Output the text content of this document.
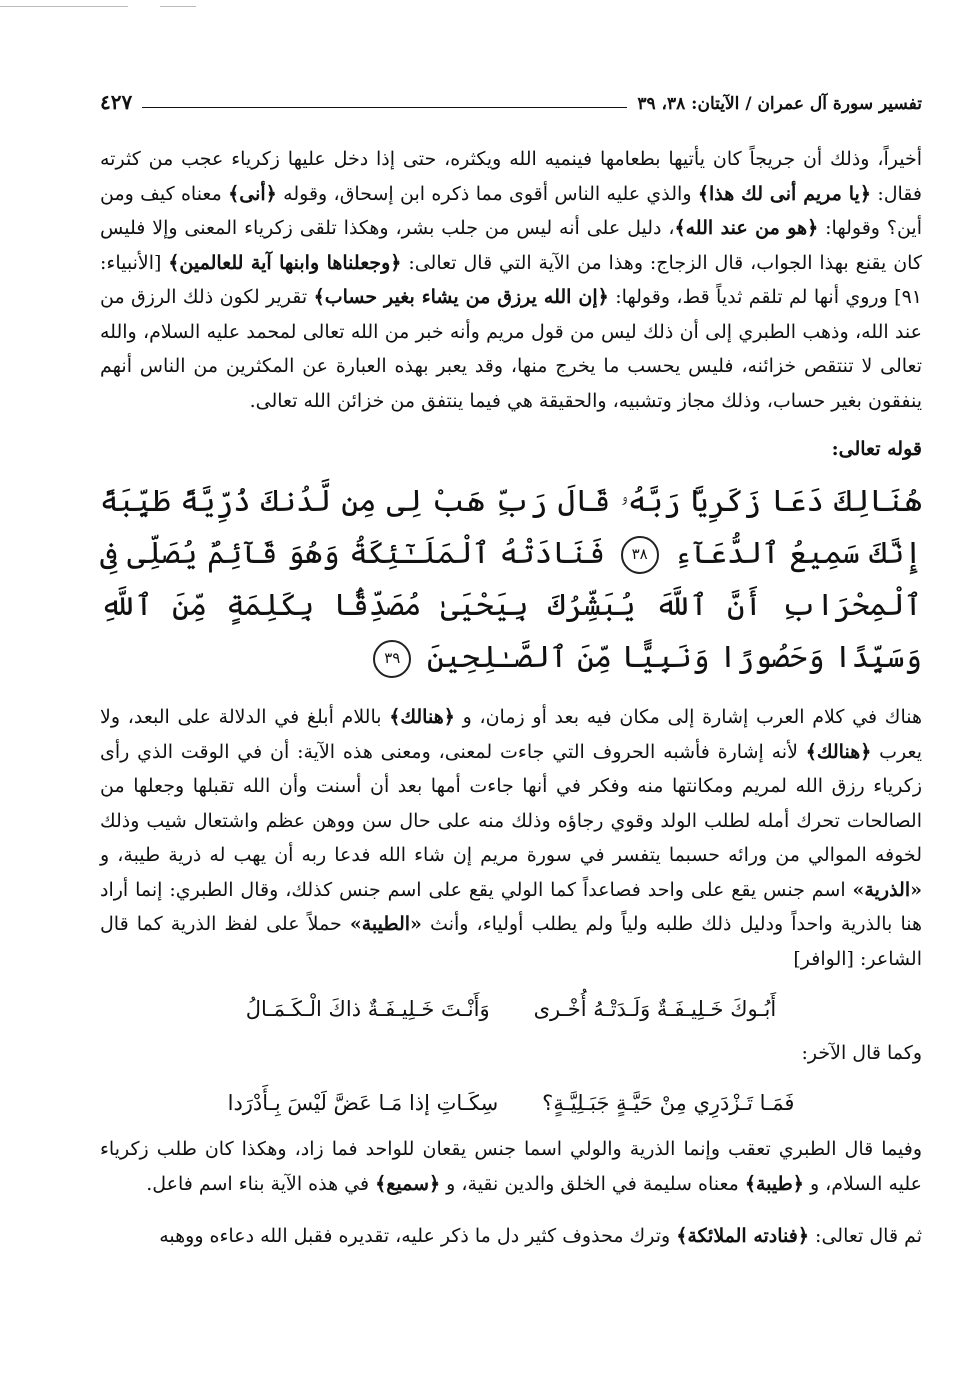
تفسير سورة آل عمران / الآيتان: ٣٨، ٣٩
٤٢٧

أخيراً، وذلك أن جريجاً كان يأتيها بطعامها فينميه الله ويكثره، حتى إذا دخل عليها زكرياء عجب من كثرته فقال: ﴿يا مريم أنى لك هذا﴾ والذي عليه الناس أقوى مما ذكره ابن إسحاق، وقوله ﴿أنى﴾ معناه كيف ومن أين؟ وقولها: ﴿هو من عند الله﴾، دليل على أنه ليس من جلب بشر، وهكذا تلقى زكرياء المعنى وإلا فليس كان يقنع بهذا الجواب، قال الزجاج: وهذا من الآية التي قال تعالى: ﴿وجعلناها وابنها آية للعالمين﴾ [الأنبياء: ٩١] وروي أنها لم تلقم ثدياً قط، وقولها: ﴿إن الله يرزق من يشاء بغير حساب﴾ تقرير لكون ذلك الرزق من عند الله، وذهب الطبري إلى أن ذلك ليس من قول مريم وأنه خبر من الله تعالى لمحمد عليه السلام، والله تعالى لا تنتقص خزائنه، فليس يحسب ما يخرج منها، وقد يعبر بهذه العبارة عن المكثرين من الناس أنهم ينفقون بغير حساب، وذلك مجاز وتشبيه، والحقيقة هي فيما ينتفق من خزائن الله تعالى.

قوله تعالى:

هُنَالِكَ دَعَا زَكَرِيَّا رَبَّهُۥ قَالَ رَبِّ هَبْ لِى مِن لَّدُنكَ ذُرِّيَّةً طَيِّبَةً إِنَّكَ سَمِيعُ ٱلدُّعَآءِ ٣٨ فَنَادَتْهُ ٱلْمَلَـٰٓئِكَةُ وَهُوَ قَآئِمٌ يُصَلِّى فِى ٱلْمِحْرَابِ أَنَّ ٱللَّهَ يُبَشِّرُكَ بِيَحْيَىٰ مُصَدِّقًۢا بِكَلِمَةٍ مِّنَ ٱللَّهِ وَسَيِّدًا وَحَصُورًا وَنَبِيًّا مِّنَ ٱلصَّـٰلِحِينَ ٣٩

هناك في كلام العرب إشارة إلى مكان فيه بعد أو زمان، و ﴿هنالك﴾ باللام أبلغ في الدلالة على البعد، ولا يعرب ﴿هنالك﴾ لأنه إشارة فأشبه الحروف التي جاءت لمعنى، ومعنى هذه الآية: أن في الوقت الذي رأى زكرياء رزق الله لمريم ومكانتها منه وفكر في أنها جاءت أمها بعد أن أسنت وأن الله تقبلها وجعلها من الصالحات تحرك أمله لطلب الولد وقوي رجاؤه وذلك منه على حال سن ووهن عظم واشتعال شيب وذلك لخوفه الموالي من ورائه حسبما يتفسر في سورة مريم إن شاء الله فدعا ربه أن يهب له ذرية طيبة، و «الذرية» اسم جنس يقع على واحد فصاعداً كما الولي يقع على اسم جنس كذلك، وقال الطبري: إنما أراد هنا بالذرية واحداً ودليل ذلك طلبه ولياً ولم يطلب أولياء، وأنث «الطيبة» حملاً على لفظ الذرية كما قال الشاعر: [الوافر]

أَبُـوكَ خَـلِيـفَـةٌ وَلَـدَتْـهُ أُخْـرى
وَأَنْـتَ خَـلِيـفَـةٌ ذاكَ الْـكَـمَـالُ

وكما قال الآخر:

فَمَـا تَـزْدَرِي مِنْ حَيَّـةٍ جَبَـلِيَّـةٍ؟
سِكَـاتِ إذا مَـا عَضَّ لَيْسَ بِـأَدْرَدا

وفيما قال الطبري تعقب وإنما الذرية والولي اسما جنس يقعان للواحد فما زاد، وهكذا كان طلب زكرياء عليه السلام، و ﴿طيبة﴾ معناه سليمة في الخلق والدين نقية، و ﴿سميع﴾ في هذه الآية بناء اسم فاعل.

ثم قال تعالى: ﴿فنادته الملائكة﴾ وترك محذوف كثير دل ما ذكر عليه، تقديره فقبل الله دعاءه ووهبه
